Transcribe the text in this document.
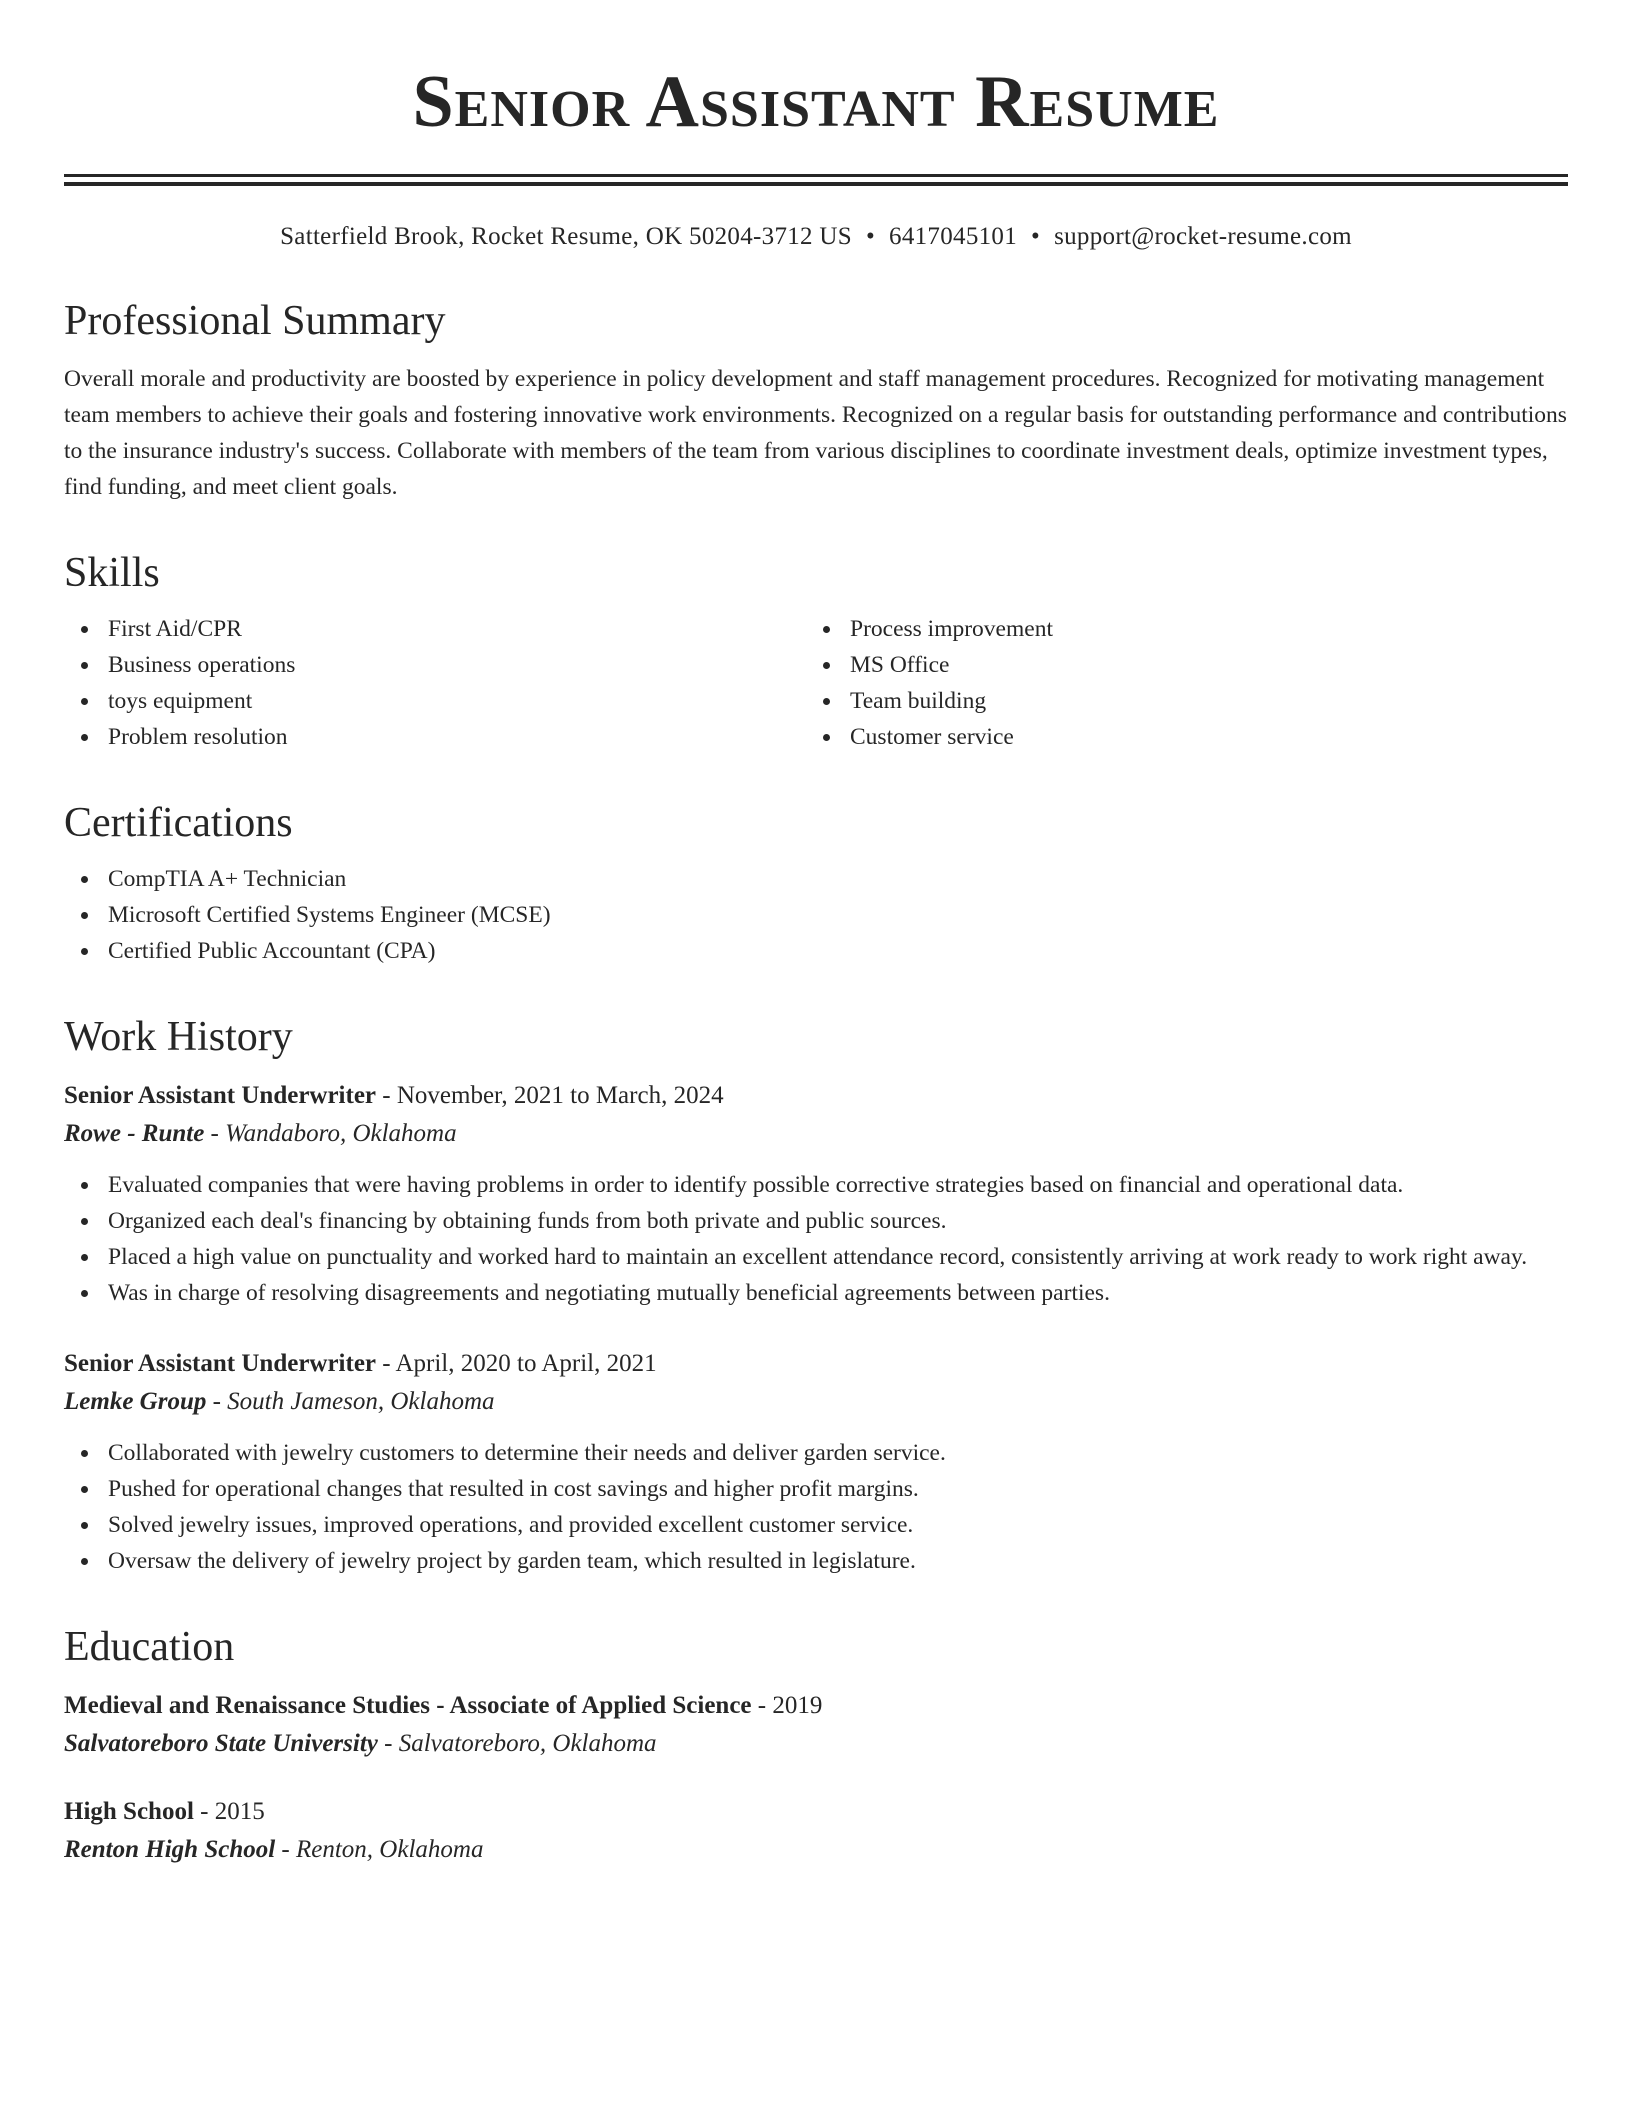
Senior Assistant Resume
Satterfield Brook, Rocket Resume, OK 50204-3712 US • 6417045101 • support@rocket-resume.com
Professional Summary
Overall morale and productivity are boosted by experience in policy development and staff management procedures. Recognized for motivating management team members to achieve their goals and fostering innovative work environments. Recognized on a regular basis for outstanding performance and contributions to the insurance industry's success. Collaborate with members of the team from various disciplines to coordinate investment deals, optimize investment types, find funding, and meet client goals.
Skills
First Aid/CPR
Business operations
toys equipment
Problem resolution
Process improvement
MS Office
Team building
Customer service
Certifications
CompTIA A+ Technician
Microsoft Certified Systems Engineer (MCSE)
Certified Public Accountant (CPA)
Work History
Senior Assistant Underwriter - November, 2021 to March, 2024
Rowe - Runte - Wandaboro, Oklahoma
Evaluated companies that were having problems in order to identify possible corrective strategies based on financial and operational data.
Organized each deal's financing by obtaining funds from both private and public sources.
Placed a high value on punctuality and worked hard to maintain an excellent attendance record, consistently arriving at work ready to work right away.
Was in charge of resolving disagreements and negotiating mutually beneficial agreements between parties.
Senior Assistant Underwriter - April, 2020 to April, 2021
Lemke Group - South Jameson, Oklahoma
Collaborated with jewelry customers to determine their needs and deliver garden service.
Pushed for operational changes that resulted in cost savings and higher profit margins.
Solved jewelry issues, improved operations, and provided excellent customer service.
Oversaw the delivery of jewelry project by garden team, which resulted in legislature.
Education
Medieval and Renaissance Studies - Associate of Applied Science - 2019
Salvatoreboro State University - Salvatoreboro, Oklahoma
High School - 2015
Renton High School - Renton, Oklahoma
